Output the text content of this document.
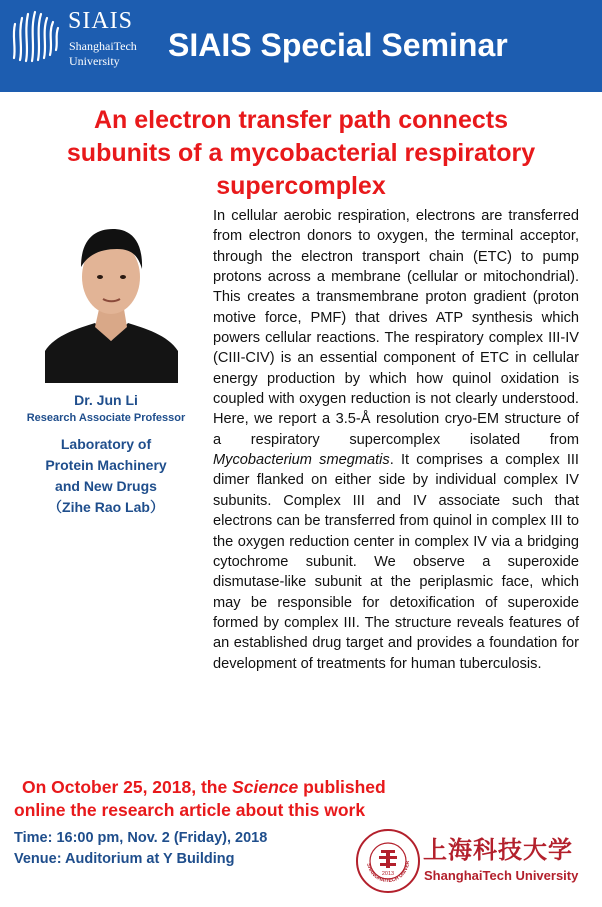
SIAIS
ShanghaiTech
University SIAIS Special Seminar
An electron transfer path connects
subunits of a mycobacterial respiratory
supercomplex
Dr. Jun Li
Research Associate Professor
Laboratory of
Protein Machinery
and New Drugs
（Zihe Rao Lab）
In cellular aerobic respiration, electrons are transferred from electron donors to oxygen, the terminal acceptor, through the electron transport chain (ETC) to pump protons across a membrane (cellular or mitochondrial). This creates a transmembrane proton gradient (proton motive force, PMF) that drives ATP synthesis which powers cellular reactions. The respiratory complex III-IV (CIII-CIV) is an essential component of ETC in cellular energy production by which how quinol oxidation is coupled with oxygen reduction is not clearly understood. Here, we report a 3.5-Å resolution cryo-EM structure of a respiratory supercomplex isolated from Mycobacterium smegmatis. It comprises a complex III dimer flanked on either side by individual complex IV subunits. Complex III and IV associate such that electrons can be transferred from quinol in complex III to the oxygen reduction center in complex IV via a bridging cytochrome subunit. We observe a superoxide dismutase-like subunit at the periplasmic face, which may be responsible for detoxification of superoxide formed by complex III. The structure reveals features of an established drug target and provides a foundation for development of treatments for human tuberculosis.
On October 25, 2018, the Science published
online the research article about this work
Time: 16:00 pm, Nov. 2 (Friday), 2018
Venue: Auditorium at Y Building	SHANGHAITECH UNIVER
2013
上海科技大学
ShanghaiTech University
